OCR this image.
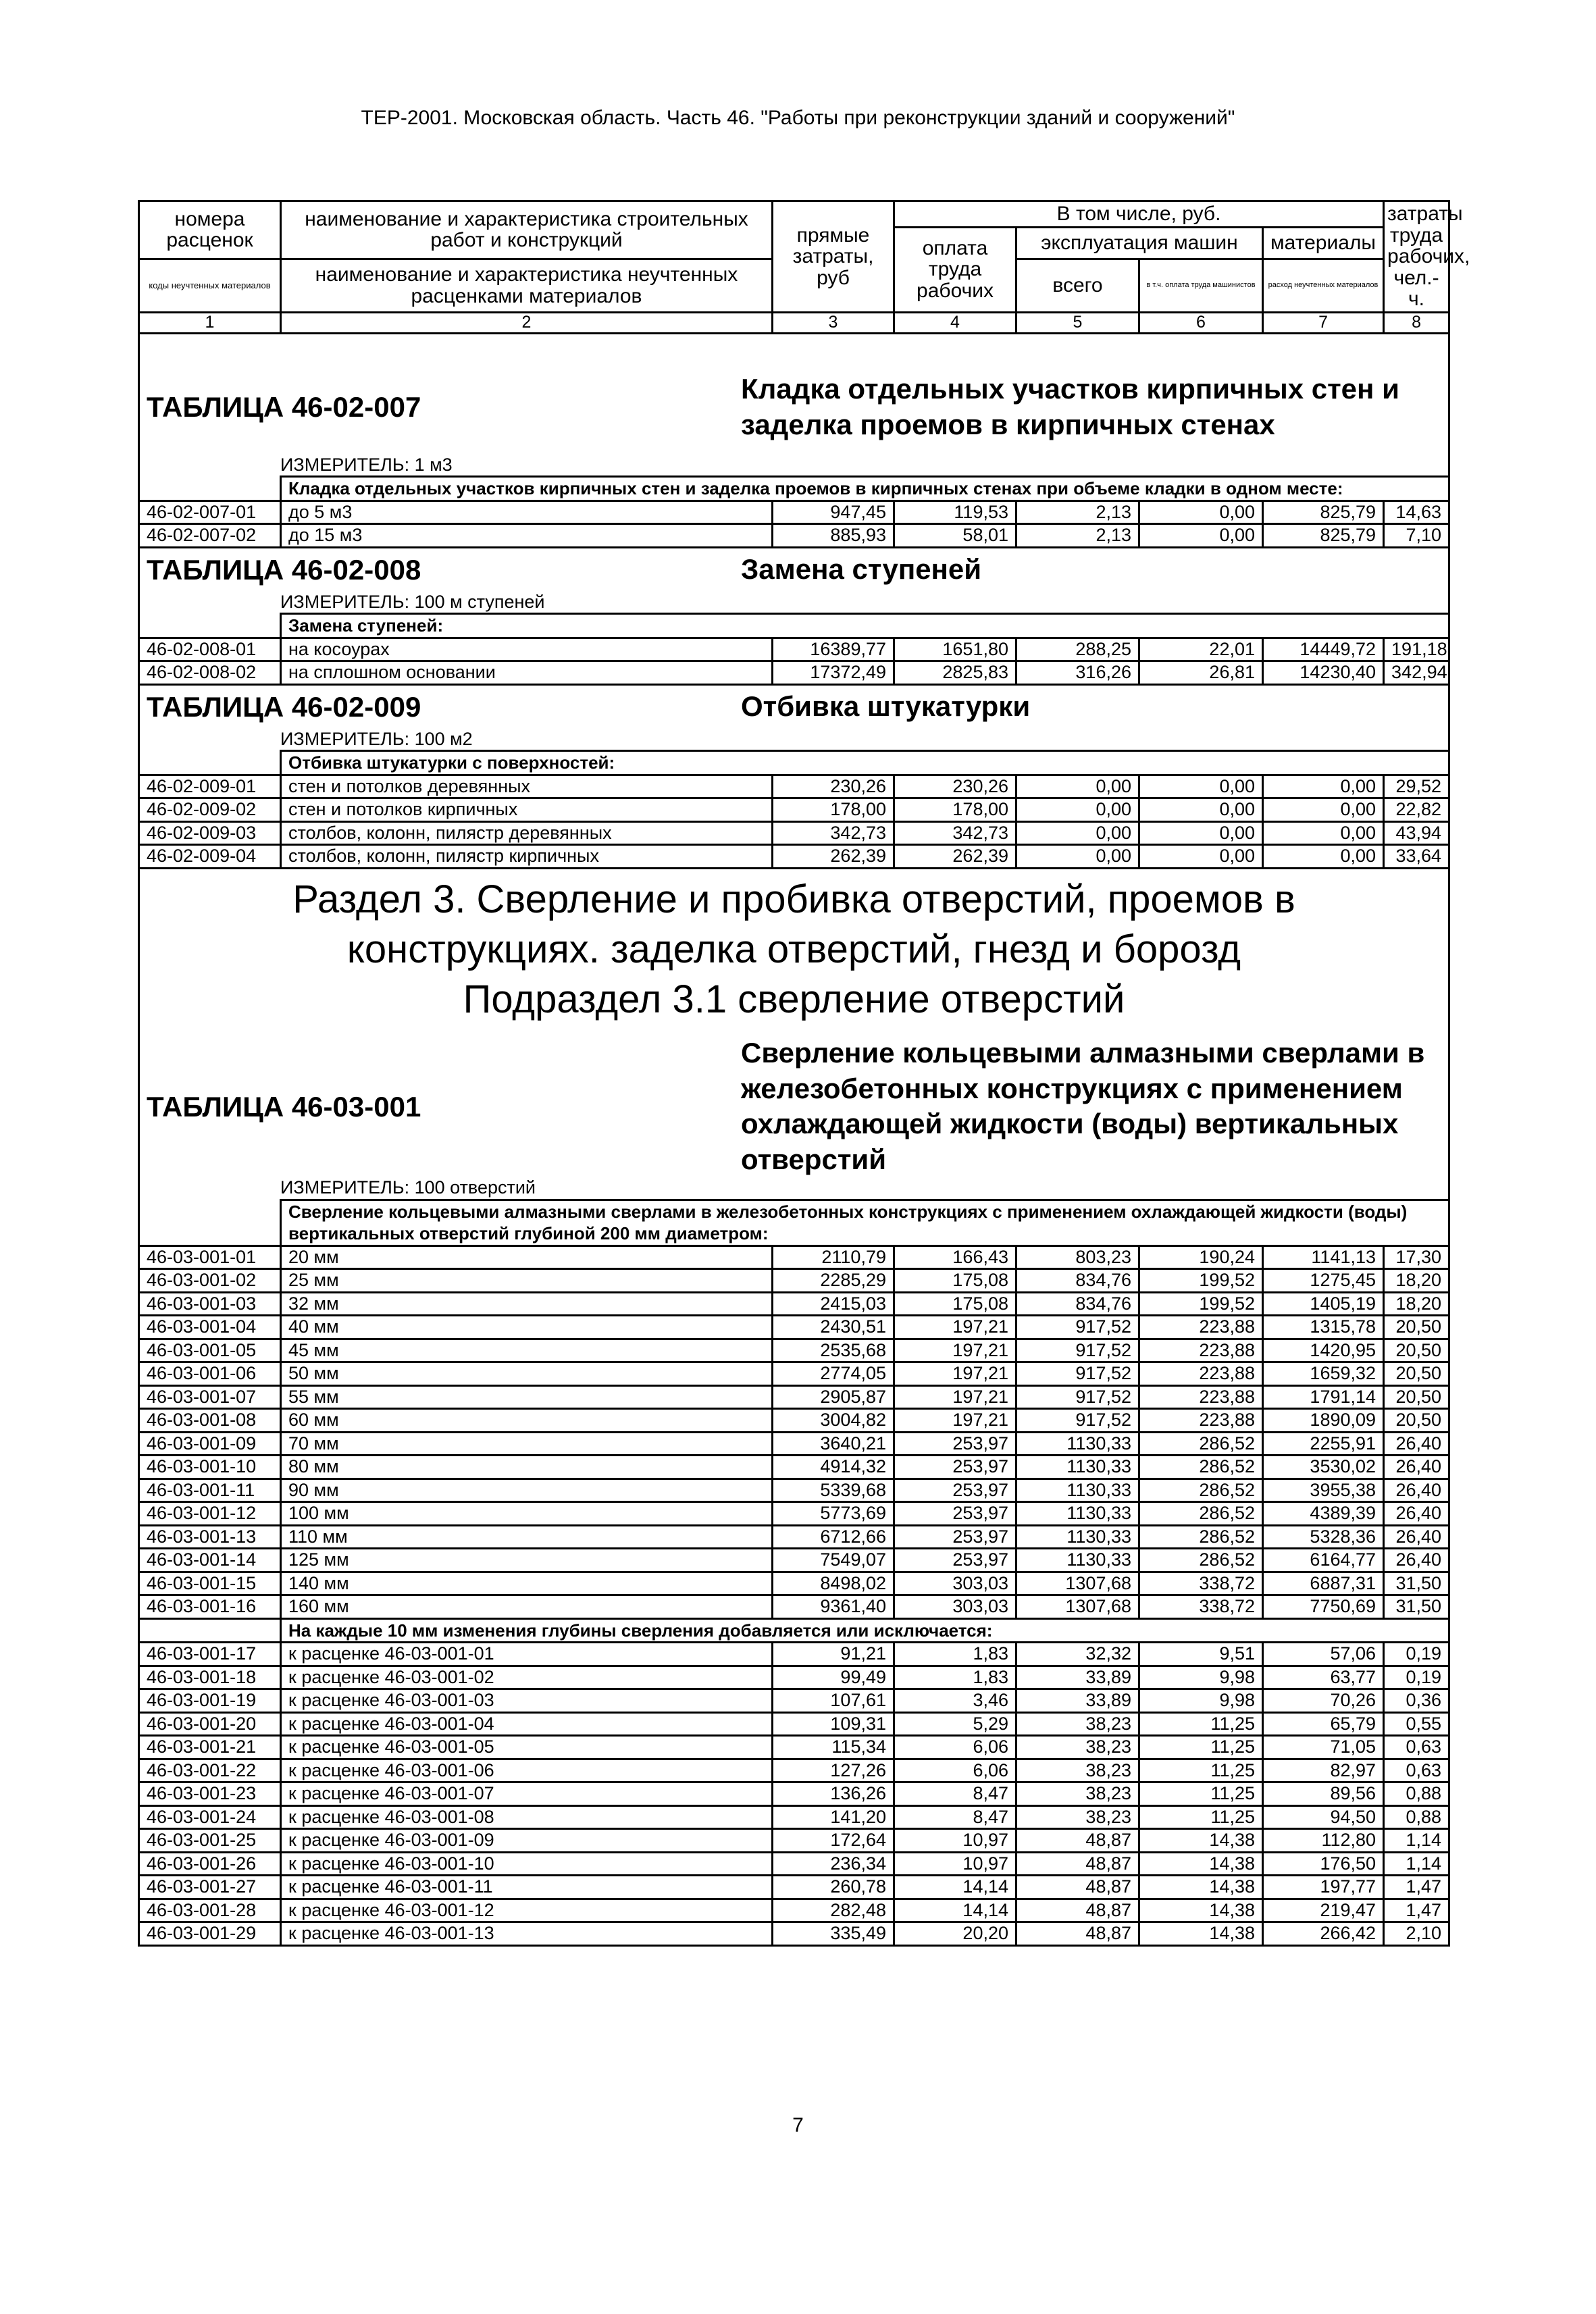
ТЕР-2001. Московская область. Часть 46. "Работы при реконструкции зданий и сооружений"
номера расценок	наименование и характеристика строительных работ и конструкций	прямые затраты, руб	В том числе, руб.				затраты труда рабочих, чел.-ч.
			оплата труда рабочих	эксплуатация машин		материалы	
коды неучтенных материалов	наименование и характеристика неучтенных расценками материалов			всего	в т.ч. оплата труда машинистов	расход неучтенных материалов	

1	2	3	4	5	6	7	8

ТАБЛИЦА 46-02-007
Кладка отдельных участков кирпичных стен и заделка проемов в кирпичных стенах							

ИЗМЕРИТЕЛЬ: 1 м3							
	Кладка отдельных участков кирпичных стен и заделка проемов в кирпичных стенах при объеме кладки в одном месте:						
46-02-007-01	до 5 м3	947,45	119,53	2,13	0,00	825,79	14,63
46-02-007-02	до 15 м3	885,93	58,01	2,13	0,00	825,79	7,10

ТАБЛИЦА 46-02-008 Замена ступеней							

ИЗМЕРИТЕЛЬ: 100 м ступеней							
	Замена ступеней:						
46-02-008-01	на косоурах	16389,77	1651,80	288,25	22,01	14449,72	191,18
46-02-008-02	на сплошном основании	17372,49	2825,83	316,26	26,81	14230,40	342,94

ТАБЛИЦА 46-02-009 Отбивка штукатурки							

ИЗМЕРИТЕЛЬ: 100 м2							
	Отбивка штукатурки с поверхностей:						
46-02-009-01	стен и потолков деревянных	230,26	230,26	0,00	0,00	0,00	29,52
46-02-009-02	стен и потолков кирпичных	178,00	178,00	0,00	0,00	0,00	22,82
46-02-009-03	столбов, колонн, пилястр деревянных	342,73	342,73	0,00	0,00	0,00	43,94
46-02-009-04	столбов, колонн, пилястр кирпичных	262,39	262,39	0,00	0,00	0,00	33,64

Раздел 3. Сверление и пробивка отверстий, проемов в
конструкциях. заделка отверстий, гнезд и борозд
Подраздел 3.1 сверление отверстий							

ТАБЛИЦА 46-03-001
Сверление кольцевыми алмазными сверлами в железобетонных конструкциях с применением охлаждающей жидкости (воды) вертикальных отверстий							

ИЗМЕРИТЕЛЬ: 100 отверстий							
	Сверление кольцевыми алмазными сверлами в железобетонных конструкциях с применением охлаждающей жидкости (воды) вертикальных отверстий глубиной 200 мм диаметром:						
46-03-001-01	20 мм	2110,79	166,43	803,23	190,24	1141,13	17,30
46-03-001-02	25 мм	2285,29	175,08	834,76	199,52	1275,45	18,20
46-03-001-03	32 мм	2415,03	175,08	834,76	199,52	1405,19	18,20
46-03-001-04	40 мм	2430,51	197,21	917,52	223,88	1315,78	20,50
46-03-001-05	45 мм	2535,68	197,21	917,52	223,88	1420,95	20,50
46-03-001-06	50 мм	2774,05	197,21	917,52	223,88	1659,32	20,50
46-03-001-07	55 мм	2905,87	197,21	917,52	223,88	1791,14	20,50
46-03-001-08	60 мм	3004,82	197,21	917,52	223,88	1890,09	20,50
46-03-001-09	70 мм	3640,21	253,97	1130,33	286,52	2255,91	26,40
46-03-001-10	80 мм	4914,32	253,97	1130,33	286,52	3530,02	26,40
46-03-001-11	90 мм	5339,68	253,97	1130,33	286,52	3955,38	26,40
46-03-001-12	100 мм	5773,69	253,97	1130,33	286,52	4389,39	26,40
46-03-001-13	110 мм	6712,66	253,97	1130,33	286,52	5328,36	26,40
46-03-001-14	125 мм	7549,07	253,97	1130,33	286,52	6164,77	26,40
46-03-001-15	140 мм	8498,02	303,03	1307,68	338,72	6887,31	31,50
46-03-001-16	160 мм	9361,40	303,03	1307,68	338,72	7750,69	31,50
	На каждые 10 мм изменения глубины сверления добавляется или исключается:						
46-03-001-17	к расценке 46-03-001-01	91,21	1,83	32,32	9,51	57,06	0,19
46-03-001-18	к расценке 46-03-001-02	99,49	1,83	33,89	9,98	63,77	0,19
46-03-001-19	к расценке 46-03-001-03	107,61	3,46	33,89	9,98	70,26	0,36
46-03-001-20	к расценке 46-03-001-04	109,31	5,29	38,23	11,25	65,79	0,55
46-03-001-21	к расценке 46-03-001-05	115,34	6,06	38,23	11,25	71,05	0,63
46-03-001-22	к расценке 46-03-001-06	127,26	6,06	38,23	11,25	82,97	0,63
46-03-001-23	к расценке 46-03-001-07	136,26	8,47	38,23	11,25	89,56	0,88
46-03-001-24	к расценке 46-03-001-08	141,20	8,47	38,23	11,25	94,50	0,88
46-03-001-25	к расценке 46-03-001-09	172,64	10,97	48,87	14,38	112,80	1,14
46-03-001-26	к расценке 46-03-001-10	236,34	10,97	48,87	14,38	176,50	1,14
46-03-001-27	к расценке 46-03-001-11	260,78	14,14	48,87	14,38	197,77	1,47
46-03-001-28	к расценке 46-03-001-12	282,48	14,14	48,87	14,38	219,47	1,47
46-03-001-29	к расценке 46-03-001-13	335,49	20,20	48,87	14,38	266,42	2,10
7
